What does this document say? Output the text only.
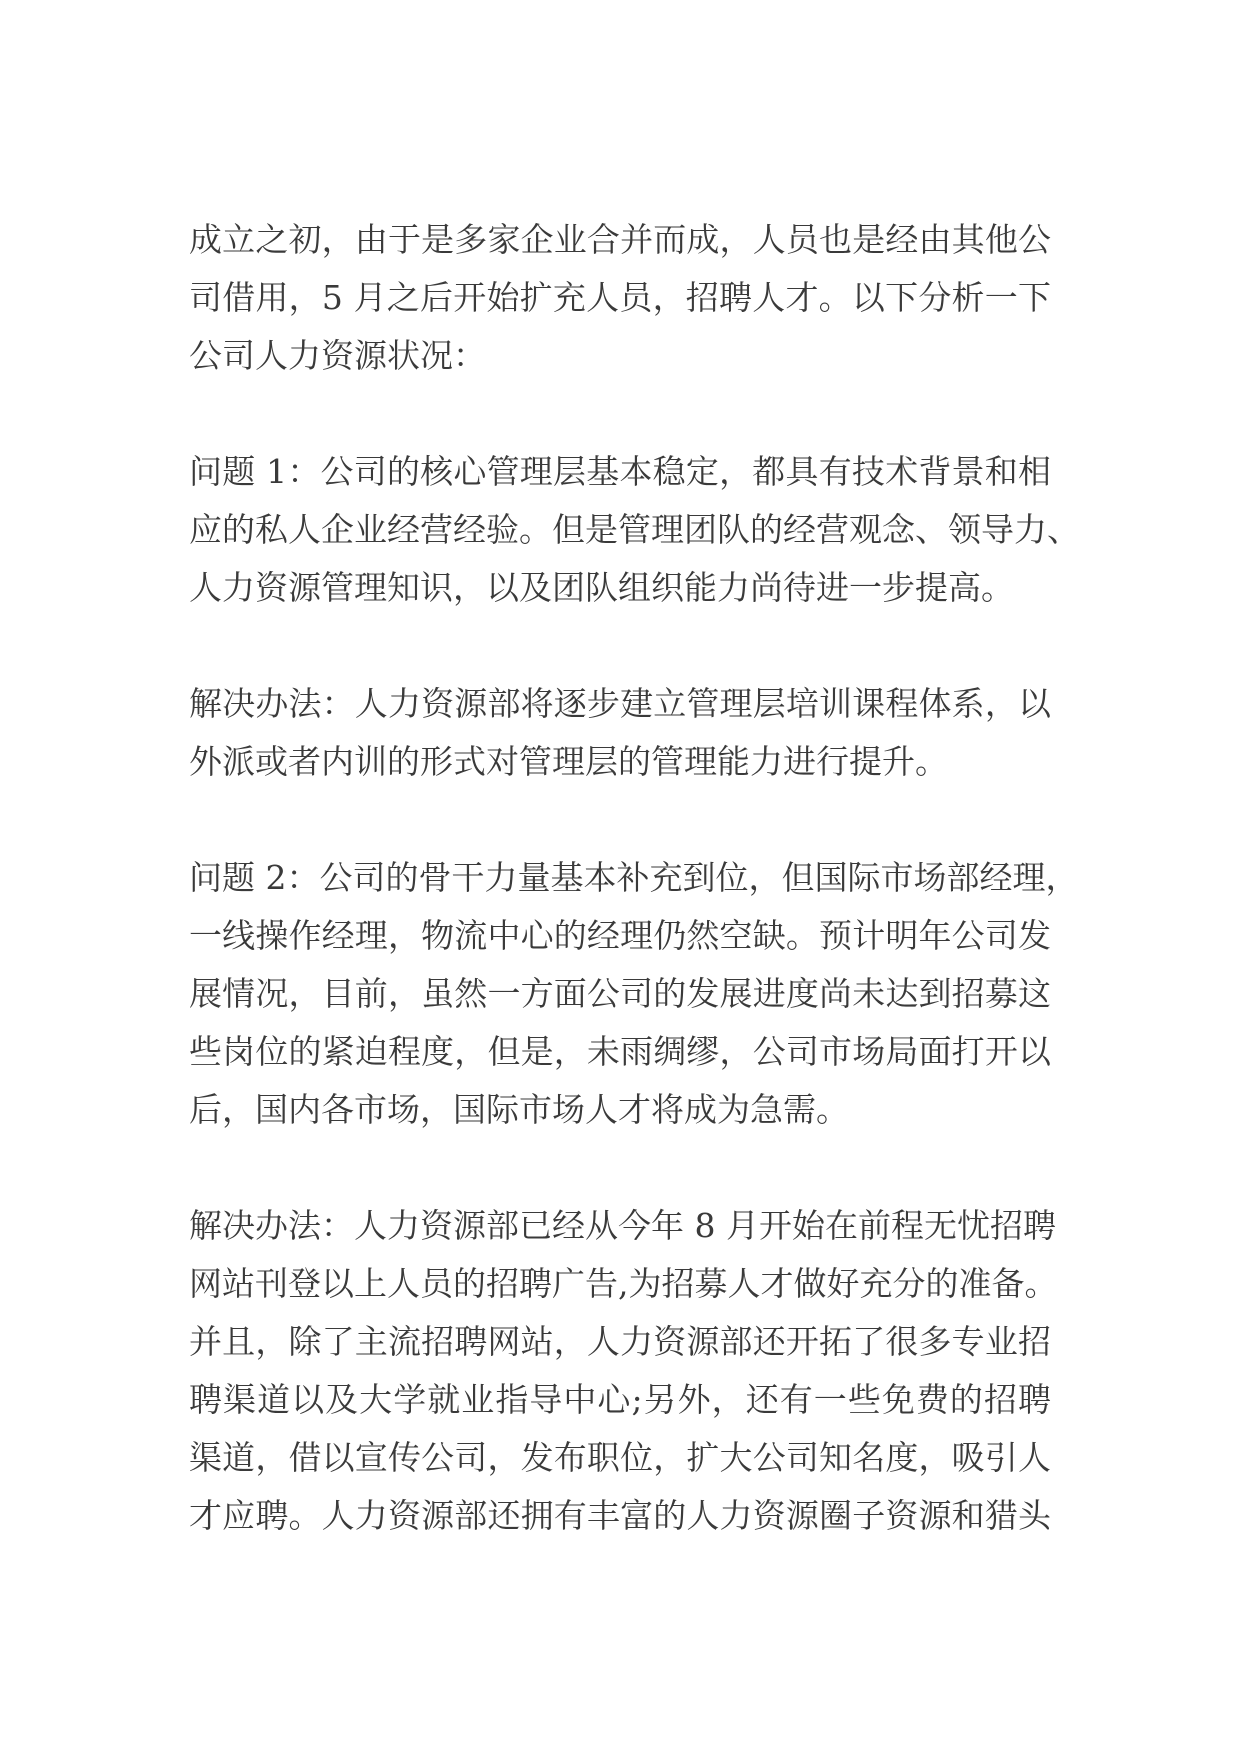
成立之初，由于是多家企业合并而成，人员也是经由其他公
司借用，5 月之后开始扩充人员，招聘人才。以下分析一下
公司人力资源状况：
问题 1：公司的核心管理层基本稳定，都具有技术背景和相
应的私人企业经营经验。但是管理团队的经营观念、领导力、
人力资源管理知识，以及团队组织能力尚待进一步提高。
解决办法：人力资源部将逐步建立管理层培训课程体系，以
外派或者内训的形式对管理层的管理能力进行提升。
问题 2：公司的骨干力量基本补充到位，但国际市场部经理，
一线操作经理，物流中心的经理仍然空缺。预计明年公司发
展情况，目前，虽然一方面公司的发展进度尚未达到招募这
些岗位的紧迫程度，但是，未雨绸缪，公司市场局面打开以
后，国内各市场，国际市场人才将成为急需。
解决办法：人力资源部已经从今年 8 月开始在前程无忧招聘
网站刊登以上人员的招聘广告,为招募人才做好充分的准备。
并且，除了主流招聘网站，人力资源部还开拓了很多专业招
聘渠道以及大学就业指导中心;另外，还有一些免费的招聘
渠道，借以宣传公司，发布职位，扩大公司知名度，吸引人
才应聘。人力资源部还拥有丰富的人力资源圈子资源和猎头
